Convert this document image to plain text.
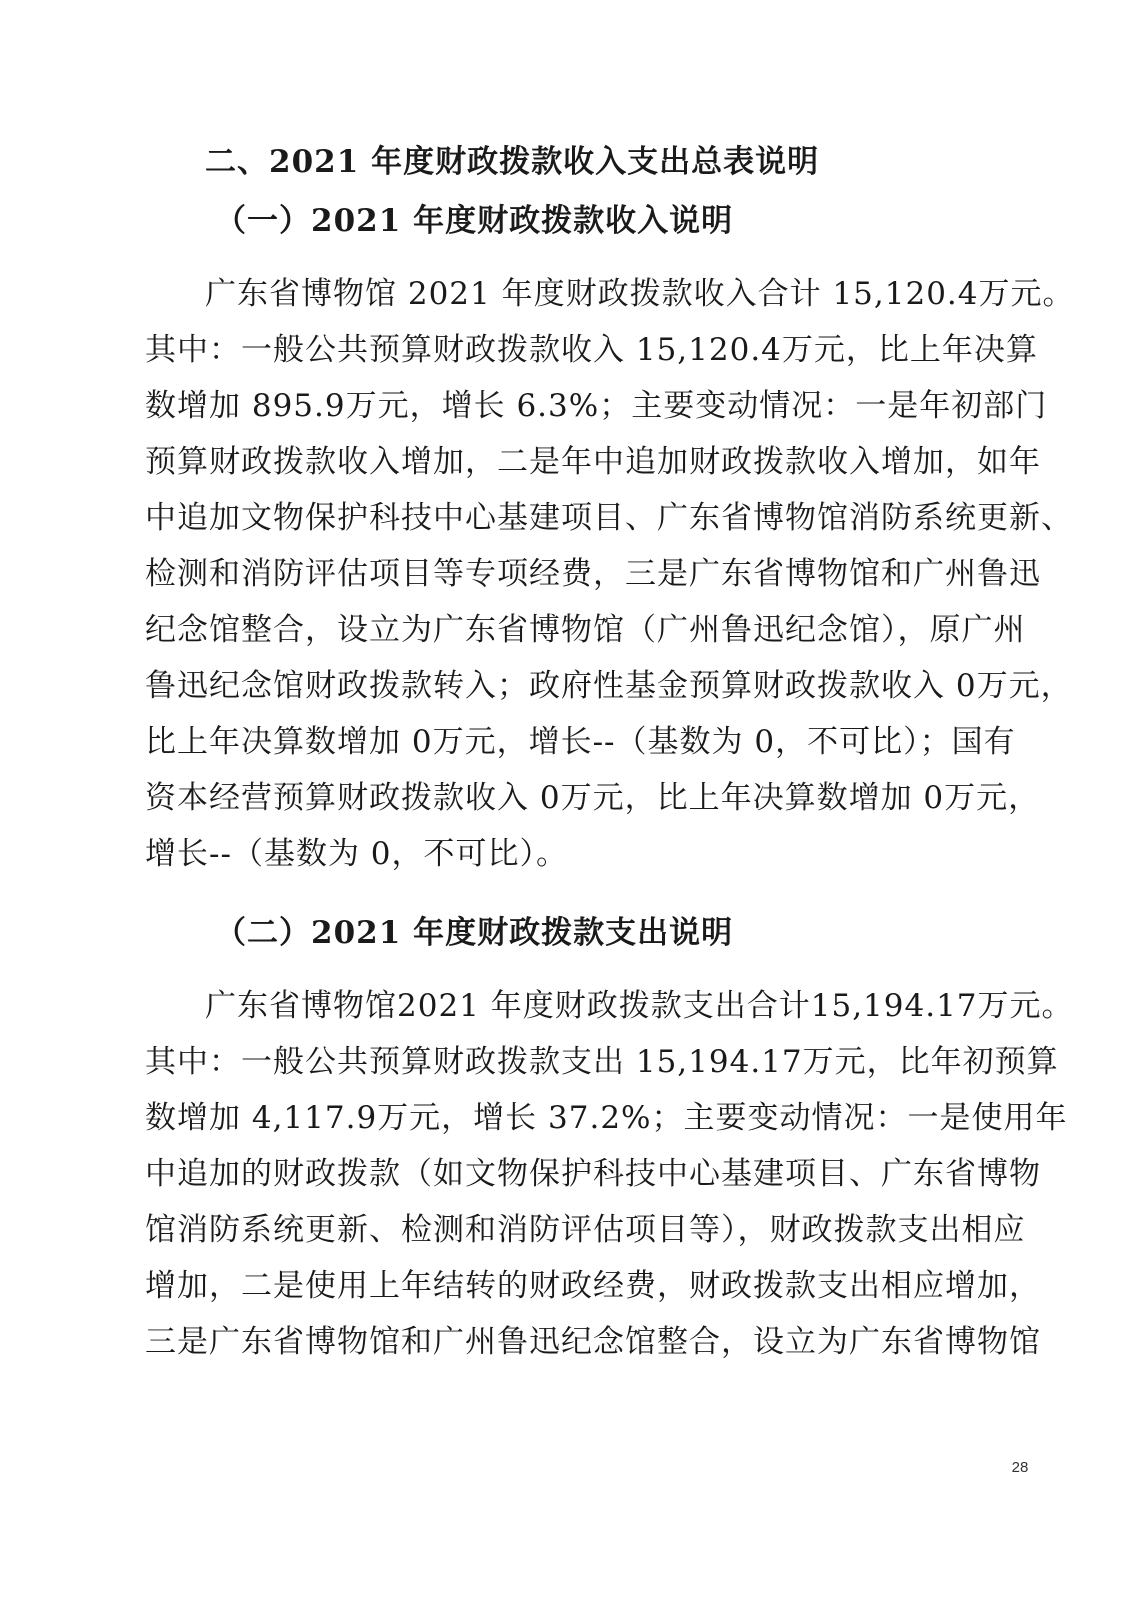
二、2021 年度财政拨款收入支出总表说明

（一）2021 年度财政拨款收入说明

广东省博物馆 2021 年度财政拨款收入合计 15,120.4万元。

其中：一般公共预算财政拨款收入 15,120.4万元，比上年决算

数增加 895.9万元，增长 6.3%；主要变动情况：一是年初部门

预算财政拨款收入增加，二是年中追加财政拨款收入增加，如年

中追加文物保护科技中心基建项目、广东省博物馆消防系统更新、

检测和消防评估项目等专项经费，三是广东省博物馆和广州鲁迅

纪念馆整合，设立为广东省博物馆（广州鲁迅纪念馆），原广州

鲁迅纪念馆财政拨款转入；政府性基金预算财政拨款收入 0万元，

比上年决算数增加 0万元，增长--（基数为 0，不可比）；国有

资本经营预算财政拨款收入 0万元，比上年决算数增加 0万元，

增长--（基数为 0，不可比）。

（二）2021 年度财政拨款支出说明

广东省博物馆2021 年度财政拨款支出合计15,194.17万元。

其中：一般公共预算财政拨款支出 15,194.17万元，比年初预算

数增加 4,117.9万元，增长 37.2%；主要变动情况：一是使用年

中追加的财政拨款（如文物保护科技中心基建项目、广东省博物

馆消防系统更新、检测和消防评估项目等），财政拨款支出相应

增加，二是使用上年结转的财政经费，财政拨款支出相应增加，

三是广东省博物馆和广州鲁迅纪念馆整合，设立为广东省博物馆

28
